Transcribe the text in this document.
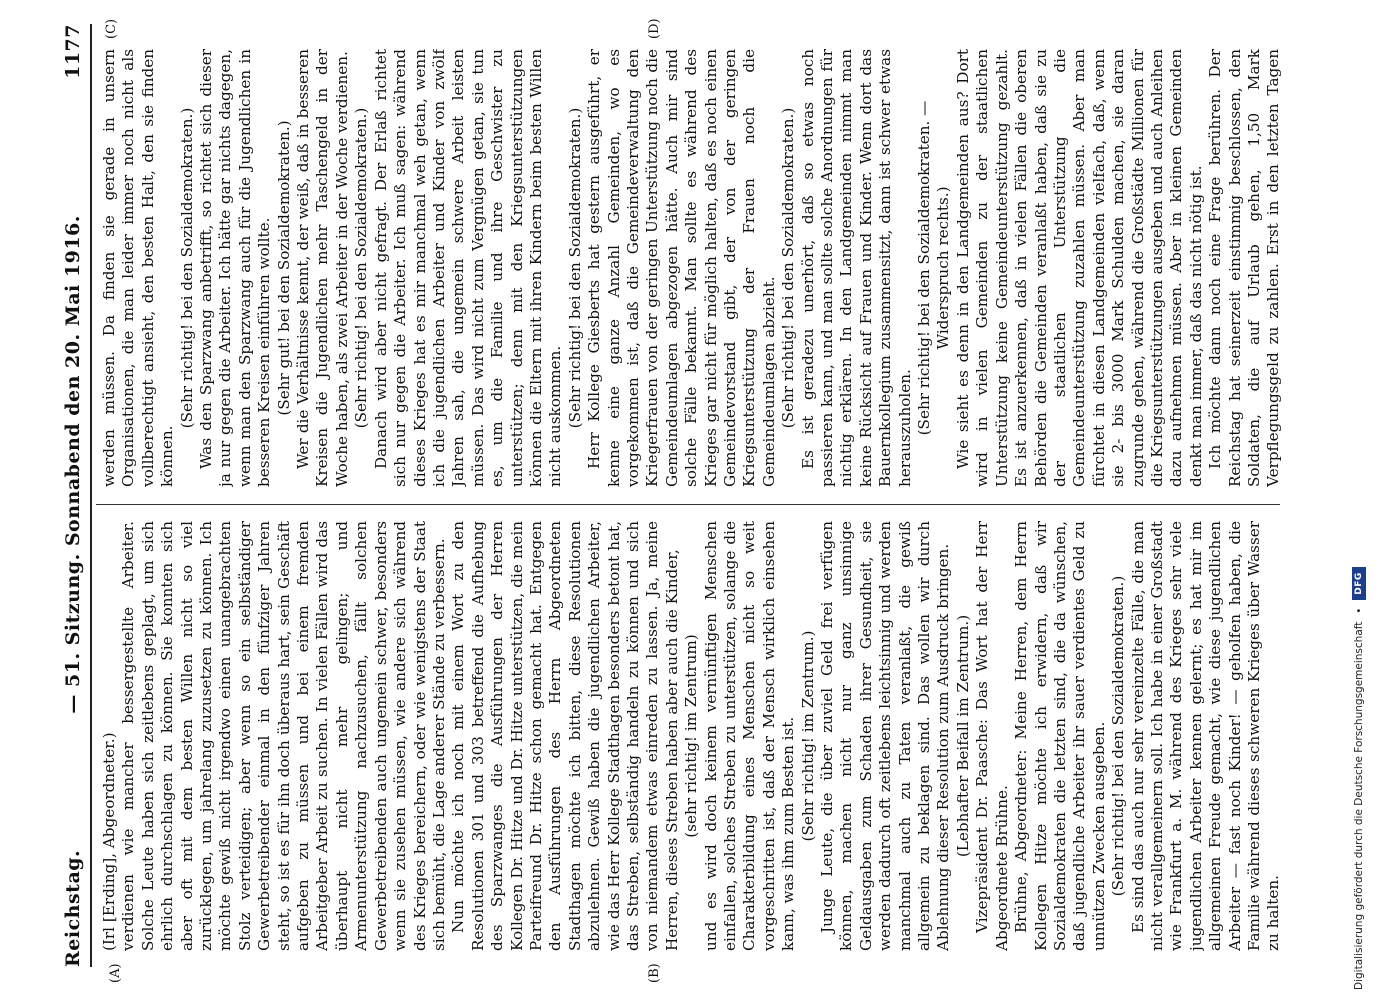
Reichstag.
— 51. Sitzung. Sonnabend den 20. Mai 1916.
1177
(A)	(B)
(C)	(D)

(Irl [Erding], Abgeordneter.) verdienen wie mancher bessergestellte Arbeiter. Solche Leute haben sich zeitlebens geplagt, um sich ehrlich durchschlagen zu können. Sie konnten sich aber oft mit dem besten Willen nicht so viel zurücklegen, um jahrelang zuzusetzen zu können. Ich möchte gewiß nicht irgendwo einen unangebrachten Stolz verteidigen; aber wenn so ein selbständiger Gewerbetreibender einmal in den fünfziger Jahren steht, so ist es für ihn doch überaus hart, sein Geschäft aufgeben zu müssen und bei einem fremden Arbeitgeber Arbeit zu suchen. In vielen Fällen wird das überhaupt nicht mehr gelingen; und Armenunterstützung nachzusuchen, fällt solchen Gewerbetreibenden auch ungemein schwer, besonders wenn sie zusehen müssen, wie andere sich während des Krieges bereichern, oder wie wenigstens der Staat sich bemüht, die Lage anderer Stände zu verbessern. Nun möchte ich noch mit einem Wort zu den Resolutionen 301 und 303 betreffend die Aufhebung des Sparzwanges die Ausführungen der Herren Kollegen Dr. Hitze und Dr. Hitze unterstützen, die mein Parteifreund Dr. Hitze schon gemacht hat. Entgegen den Ausführungen des Herrn Abgeordneten Stadthagen möchte ich bitten, diese Resolutionen abzulehnen. Gewiß haben die jugendlichen Arbeiter, wie das Herr Kollege Stadthagen besonders betont hat, das Streben, selbständig handeln zu können und sich von niemandem etwas einreden zu lassen. Ja, meine Herren, dieses Streben haben aber auch die Kinder, (sehr richtig! im Zentrum) und es wird doch keinem vernünftigen Menschen einfallen, solches Streben zu unterstützen, solange die Charakterbildung eines Menschen nicht so weit vorgeschritten ist, daß der Mensch wirklich einsehen kann, was ihm zum Besten ist. (Sehr richtig! im Zentrum.) Junge Leute, die über zuviel Geld frei verfügen können, machen nicht nur ganz unsinnige Geldausgaben zum Schaden ihrer Gesundheit, sie werden dadurch oft zeitlebens leichtsinnig und werden manchmal auch zu Taten veranlaßt, die gewiß allgemein zu beklagen sind. Das wollen wir durch Ablehnung dieser Resolution zum Ausdruck bringen. (Lebhafter Beifall im Zentrum.) Vizepräsident Dr. Paasche: Das Wort hat der Herr Abgeordnete Brühne. Brühne, Abgeordneter: Meine Herren, dem Herrn Kollegen Hitze möchte ich erwidern, daß wir Sozialdemokraten die letzten sind, die da wünschen, daß jugendliche Arbeiter ihr sauer verdientes Geld zu unnützen Zwecken ausgeben. (Sehr richtig! bei den Sozialdemokraten.) Es sind das auch nur sehr vereinzelte Fälle, die man nicht verallgemeinern soll. Ich habe in einer Großstadt wie Frankfurt a. M. während des Krieges sehr viele jugendlichen Arbeiter kennen gelernt; es hat mir im allgemeinen Freude gemacht, wie diese jugendlichen Arbeiter — fast noch Kinder! — geholfen haben, die Familie während dieses schweren Krieges über Wasser zu halten.

werden müssen. Da finden sie gerade in unsern Organisationen, die man leider immer noch nicht als vollberechtigt ansieht, den besten Halt, den sie finden können.

(Sehr richtig! bei den Sozialdemokraten.) Was den Sparzwang anbetrifft, so richtet sich dieser ja nur gegen die Arbeiter. Ich hätte gar nichts dagegen, wenn man den Sparzwang auch für die Jugendlichen in besseren Kreisen einführen wollte. (Sehr gut! bei den Sozialdemokraten.) Wer die Verhältnisse kennt, der weiß, daß in besseren Kreisen die Jugendlichen mehr Taschengeld in der Woche haben, als zwei Arbeiter in der Woche verdienen. (Sehr richtig! bei den Sozialdemokraten.) Danach wird aber nicht gefragt. Der Erlaß richtet sich nur gegen die Arbeiter. Ich muß sagen: während dieses Krieges hat es mir manchmal weh getan, wenn ich die jugendlichen Arbeiter und Kinder von zwölf Jahren sah, die ungemein schwere Arbeit leisten müssen. Das wird nicht zum Vergnügen getan, sie tun es, um die Familie und ihre Geschwister zu unterstützen; denn mit den Kriegsunterstützungen können die Eltern mit ihren Kindern beim besten Willen nicht auskommen. (Sehr richtig! bei den Sozialdemokraten.) Herr Kollege Giesberts hat gestern ausgeführt, er kenne eine ganze Anzahl Gemeinden, wo es vorgekommen ist, daß die Gemeindeverwaltung den Kriegerfrauen von der geringen Unterstützung noch die Gemeindeumlagen abgezogen hätte. Auch mir sind solche Fälle bekannt. Man sollte es während des Krieges gar nicht für möglich halten, daß es noch einen Gemeindevorstand gibt, der von der geringen Kriegsunterstützung der Frauen noch die Gemeindeumlagen abzieht. (Sehr richtig! bei den Sozialdemokraten.) Es ist geradezu unerhört, daß so etwas noch passieren kann, und man sollte solche Anordnungen für nichtig erklären. In den Landgemeinden nimmt man keine Rücksicht auf Frauen und Kinder. Wenn dort das Bauernkollegium zusammensitzt, dann ist schwer etwas herauszuholen. (Sehr richtig! bei den Sozialdemokraten. — Widerspruch rechts.) Wie sieht es denn in den Landgemeinden aus? Dort wird in vielen Gemeinden zu der staatlichen Unterstützung keine Gemeindeunterstützung gezahlt. Es ist anzuerkennen, daß in vielen Fällen die oberen Behörden die Gemeinden veranlaßt haben, daß sie zu der staatlichen Unterstützung die Gemeindeunterstützung zuzahlen müssen. Aber man fürchtet in diesen Landgemeinden vielfach, daß, wenn sie 2- bis 3000 Mark Schulden machen, sie daran zugrunde gehen, während die Großstädte Millionen für die Kriegsunterstützungen ausgeben und auch Anleihen dazu aufnehmen müssen. Aber in kleinen Gemeinden denkt man immer, daß das nicht nötig ist. Ich möchte dann noch eine Frage berühren. Der Reichstag hat seinerzeit einstimmig beschlossen, den Soldaten, die auf Urlaub gehen, 1,50 Mark Verpflegungsgeld zu zahlen. Erst in den letzten Tagen

Digitalisierung gefördert durch die Deutsche Forschungsgemeinschaft
•
DFG
